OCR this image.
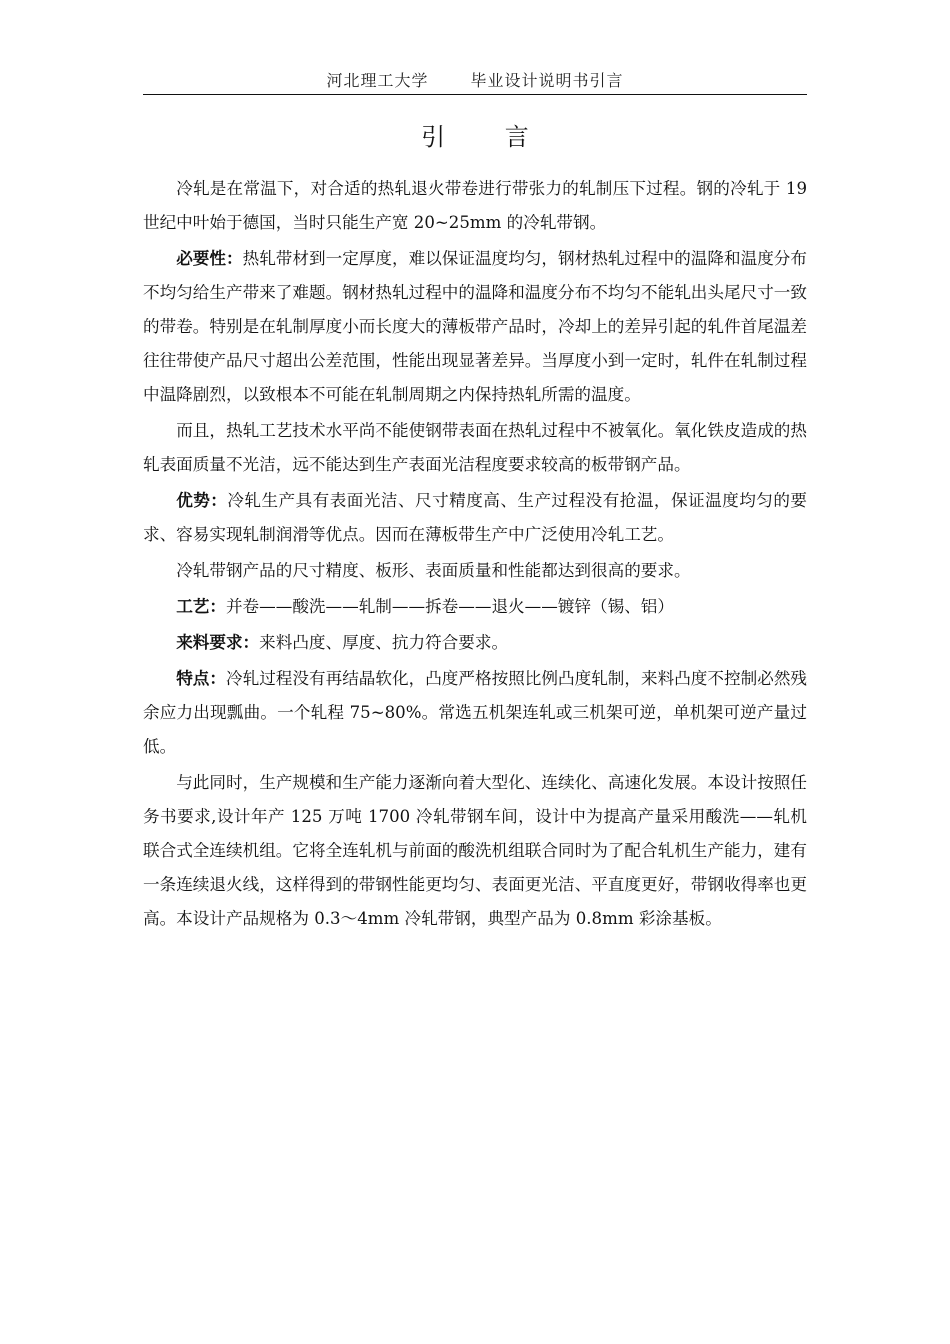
河北理工大学	毕业设计说明书引言
引 言

冷轧是在常温下，对合适的热轧退火带卷进行带张力的轧制压下过程。钢的冷轧于 19 世纪中叶始于德国，当时只能生产宽 20~25mm 的冷轧带钢。

必要性：热轧带材到一定厚度，难以保证温度均匀，钢材热轧过程中的温降和温度分布不均匀给生产带来了难题。钢材热轧过程中的温降和温度分布不均匀不能轧出头尾尺寸一致的带卷。特别是在轧制厚度小而长度大的薄板带产品时，冷却上的差异引起的轧件首尾温差往往带使产品尺寸超出公差范围，性能出现显著差异。当厚度小到一定时，轧件在轧制过程中温降剧烈，以致根本不可能在轧制周期之内保持热轧所需的温度。

而且，热轧工艺技术水平尚不能使钢带表面在热轧过程中不被氧化。氧化铁皮造成的热轧表面质量不光洁，远不能达到生产表面光洁程度要求较高的板带钢产品。

优势：冷轧生产具有表面光洁、尺寸精度高、生产过程没有抢温，保证温度均匀的要求、容易实现轧制润滑等优点。因而在薄板带生产中广泛使用冷轧工艺。

冷轧带钢产品的尺寸精度、板形、表面质量和性能都达到很高的要求。

工艺：并卷——酸洗——轧制——拆卷——退火——镀锌（锡、铝）

来料要求：来料凸度、厚度、抗力符合要求。

特点：冷轧过程没有再结晶软化，凸度严格按照比例凸度轧制，来料凸度不控制必然残余应力出现瓢曲。一个轧程 75~80%。常选五机架连轧或三机架可逆，单机架可逆产量过低。

与此同时，生产规模和生产能力逐渐向着大型化、连续化、高速化发展。本设计按照任务书要求,设计年产 125 万吨 1700 冷轧带钢车间，设计中为提高产量采用酸洗——轧机联合式全连续机组。它将全连轧机与前面的酸洗机组联合同时为了配合轧机生产能力，建有一条连续退火线，这样得到的带钢性能更均匀、表面更光洁、平直度更好，带钢收得率也更高。本设计产品规格为 0.3～4mm 冷轧带钢，典型产品为 0.8mm 彩涂基板。
